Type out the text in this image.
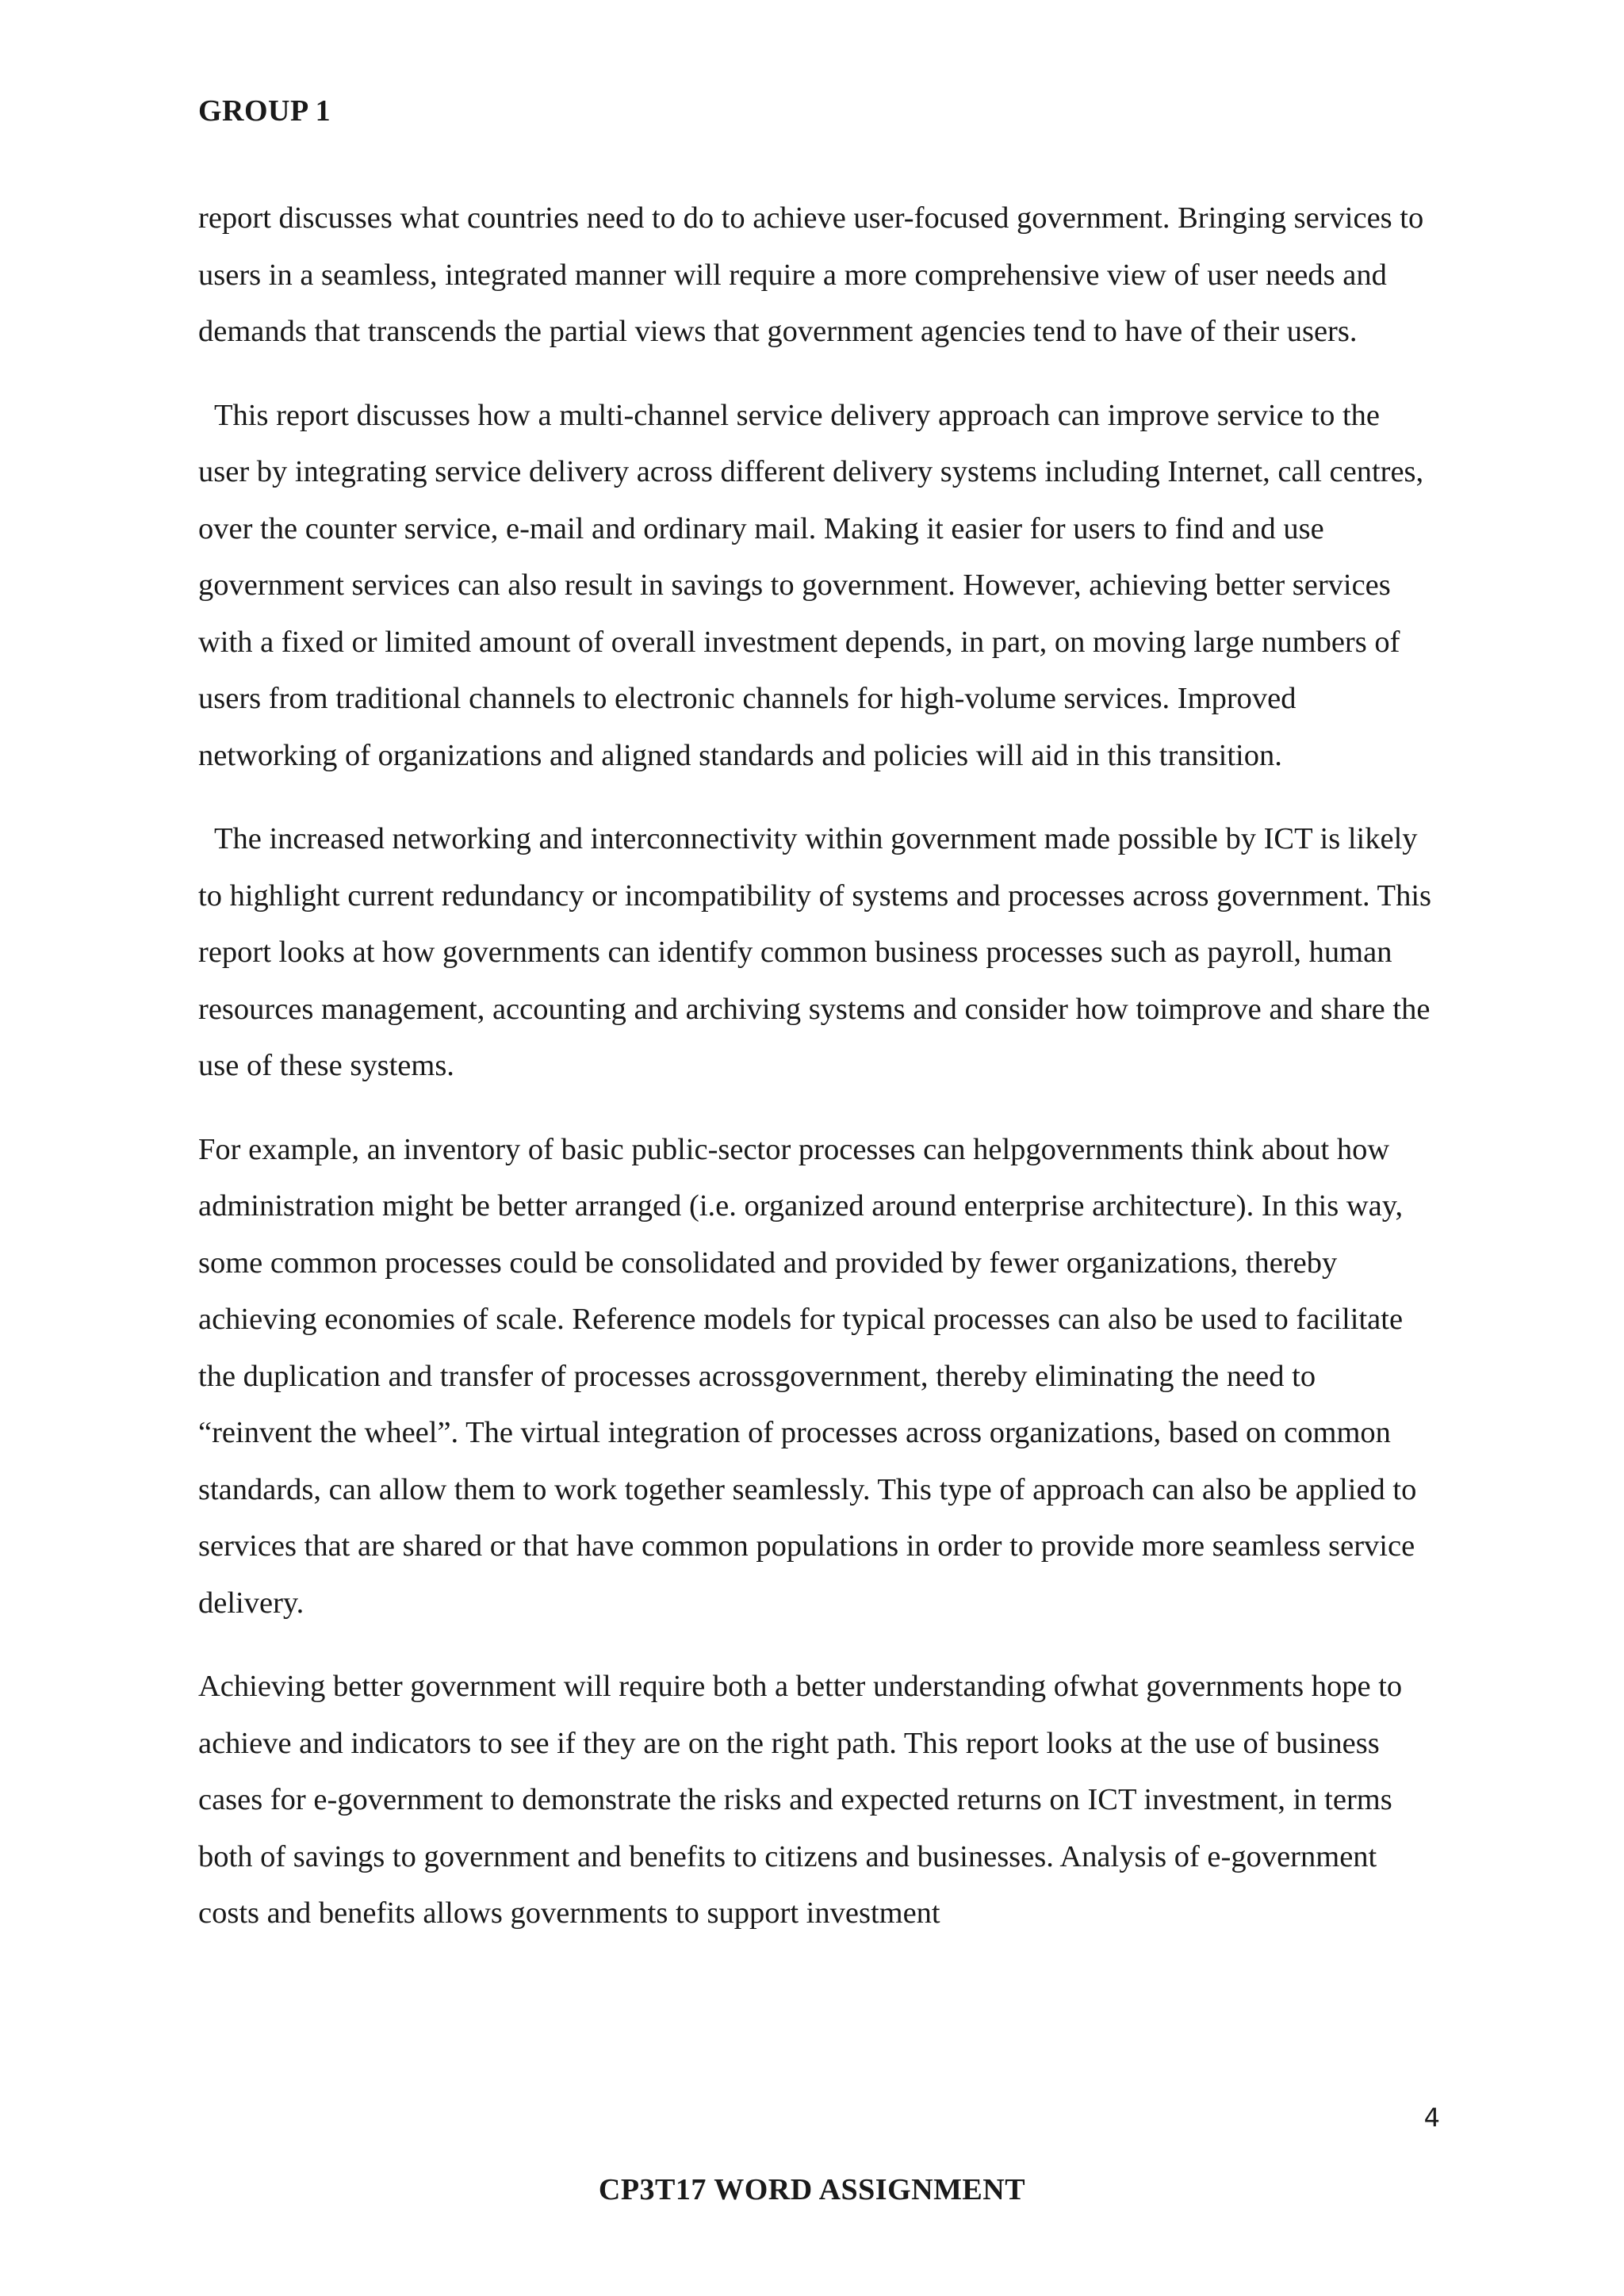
GROUP 1

report discusses what countries need to do to achieve user-focused government. Bringing services to users in a seamless, integrated manner will require a more comprehensive view of user needs and demands that transcends the partial views that government agencies tend to have of their users.

This report discusses how a multi-channel service delivery approach can improve service to the user by integrating service delivery across different delivery systems including Internet, call centres, over the counter service, e-mail and ordinary mail. Making it easier for users to find and use government services can also result in savings to government. However, achieving better services with a fixed or limited amount of overall investment depends, in part, on moving large numbers of users from traditional channels to electronic channels for high-volume services. Improved networking of organizations and aligned standards and policies will aid in this transition.

The increased networking and interconnectivity within government made possible by ICT is likely to highlight current redundancy or incompatibility of systems and processes across government. This report looks at how governments can identify common business processes such as payroll, human resources management, accounting and archiving systems and consider how toimprove and share the use of these systems.

For example, an inventory of basic public-sector processes can helpgovernments think about how administration might be better arranged (i.e. organized around enterprise architecture). In this way, some common processes could be consolidated and provided by fewer organizations, thereby achieving economies of scale. Reference models for typical processes can also be used to facilitate the duplication and transfer of processes acrossgovernment, thereby eliminating the need to “reinvent the wheel”. The virtual integration of processes across organizations, based on common standards, can allow them to work together seamlessly. This type of approach can also be applied to services that are shared or that have common populations in order to provide more seamless service delivery.

Achieving better government will require both a better understanding ofwhat governments hope to achieve and indicators to see if they are on the right path. This report looks at the use of business cases for e-government to demonstrate the risks and expected returns on ICT investment, in terms both of savings to government and benefits to citizens and businesses. Analysis of e-government costs and benefits allows governments to support investment

4
CP3T17 WORD ASSIGNMENT
